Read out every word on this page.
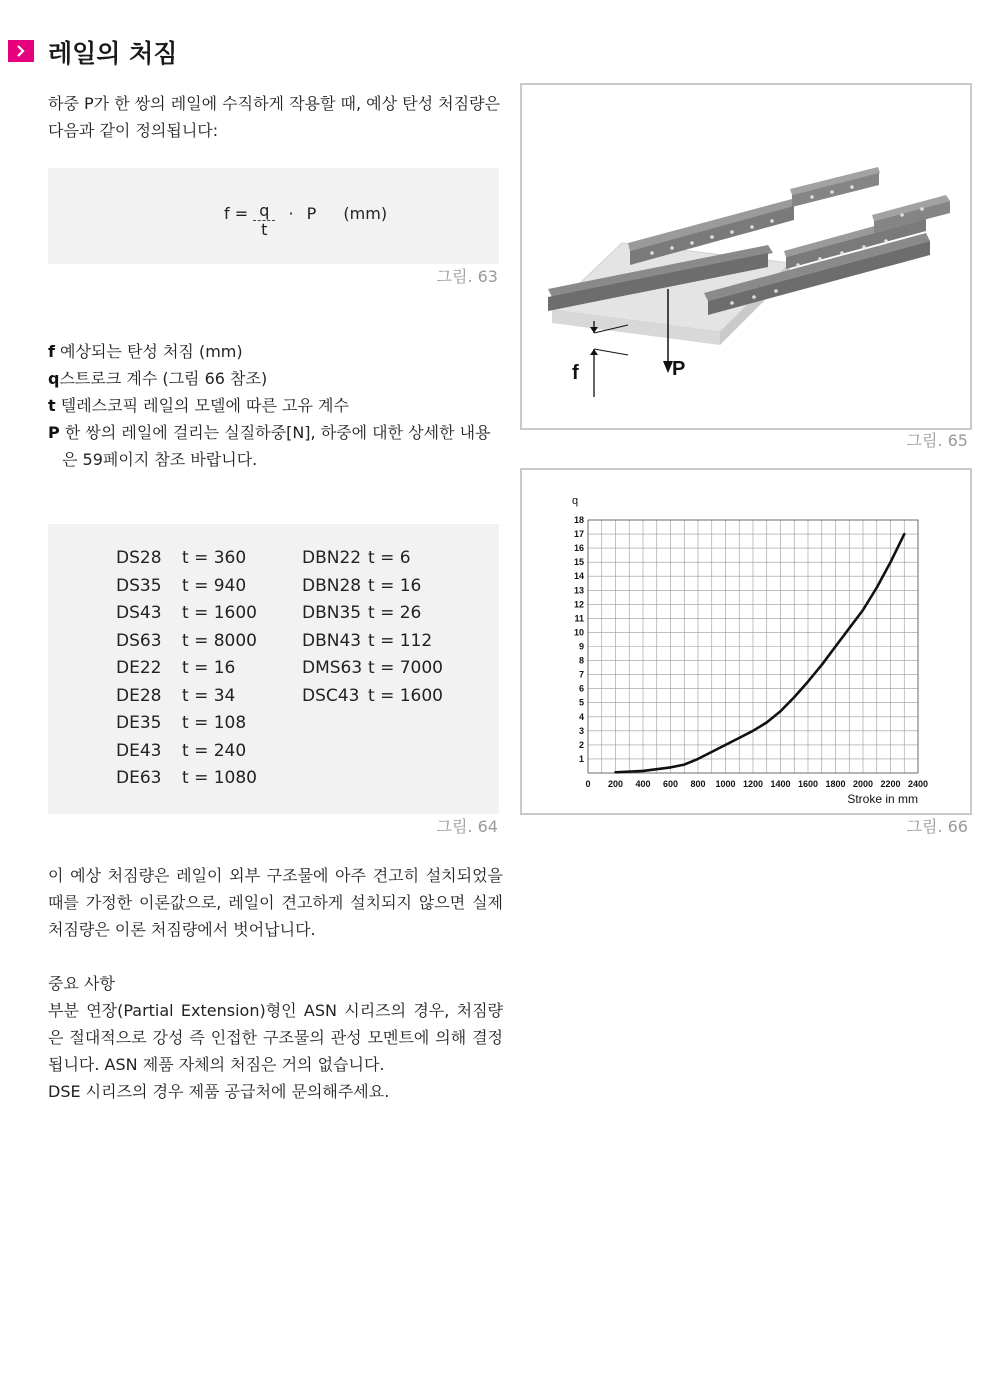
레일의 처짐
하중 P가 한 쌍의 레일에 수직하게 작용할 때, 예상 탄성 처짐량은 다음과 같이 정의됩니다:
$f = \frac{q}{t} \cdot P$ (mm)
그림. 63
f 예상되는 탄성 처짐 (mm)
q스트로크 계수 (그림 66 참조)
t 텔레스코픽 레일의 모델에 따른 고유 계수
P 한 쌍의 레일에 걸리는 실질하중[N], 하중에 대한 상세한 내용
은 59페이지 참조 바랍니다.
DS28
DS35
DS43
DS63
DE22
DE28
DE35
DE43
DE63
t = 360
t = 940
t = 1600
t = 8000
t = 16
t = 34
t = 108
t = 240
t = 1080
DBN22
DBN28
DBN35
DBN43
DMS63
DSC43
t = 6
t = 16
t = 26
t = 112
t = 7000
t = 1600
그림. 64
f	P
그림. 65
0 200 400 600 800 1000 1200 1400 1600 1800 2000 2200 2400
1
2
3
4
5
6
7
8
9
10
11
12
13
14
15
16
17
18
q
Stroke in mm
그림. 66
이 예상 처짐량은 레일이 외부 구조물에 아주 견고히 설치되었을 때를 가정한 이론값으로, 레일이 견고하게 설치되지 않으면 실제 처짐량은 이론 처짐량에서 벗어납니다.
중요 사항
부분 연장(Partial Extension)형인 ASN 시리즈의 경우, 처짐량은 절대적으로 강성 즉 인접한 구조물의 관성 모멘트에 의해 결정됩니다. ASN 제품 자체의 처짐은 거의 없습니다.
DSE 시리즈의 경우 제품 공급처에 문의해주세요.
